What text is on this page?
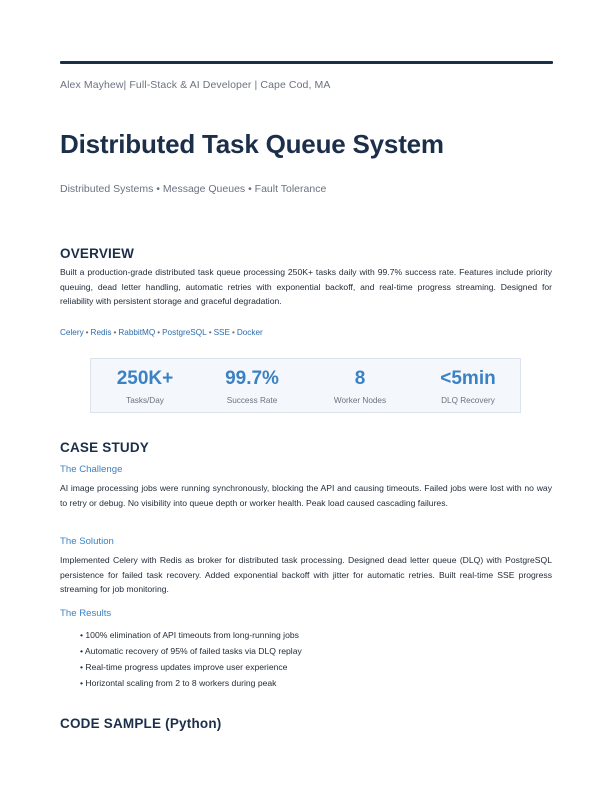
Alex Mayhew| Full-Stack & AI Developer | Cape Cod, MA
Distributed Task Queue System
Distributed Systems • Message Queues • Fault Tolerance
OVERVIEW

Built a production-grade distributed task queue processing 250K+ tasks daily with 99.7% success rate. Features include priority queuing, dead letter handling, automatic retries with exponential backoff, and real-time progress streaming. Designed for reliability with persistent storage and graceful degradation.

Celery • Redis • RabbitMQ • PostgreSQL • SSE • Docker
250K+
Tasks/Day
99.7%
Success Rate
8
Worker Nodes
<5min
DLQ Recovery
CASE STUDY
The Challenge

AI image processing jobs were running synchronously, blocking the API and causing timeouts. Failed jobs were lost with no way to retry or debug. No visibility into queue depth or worker health. Peak load caused cascading failures.

The Solution

Implemented Celery with Redis as broker for distributed task processing. Designed dead letter queue (DLQ) with PostgreSQL persistence for failed task recovery. Added exponential backoff with jitter for automatic retries. Built real-time SSE progress streaming for job monitoring.

The Results
• 100% elimination of API timeouts from long-running jobs
• Automatic recovery of 95% of failed tasks via DLQ replay
• Real-time progress updates improve user experience
• Horizontal scaling from 2 to 8 workers during peak
CODE SAMPLE (Python)
